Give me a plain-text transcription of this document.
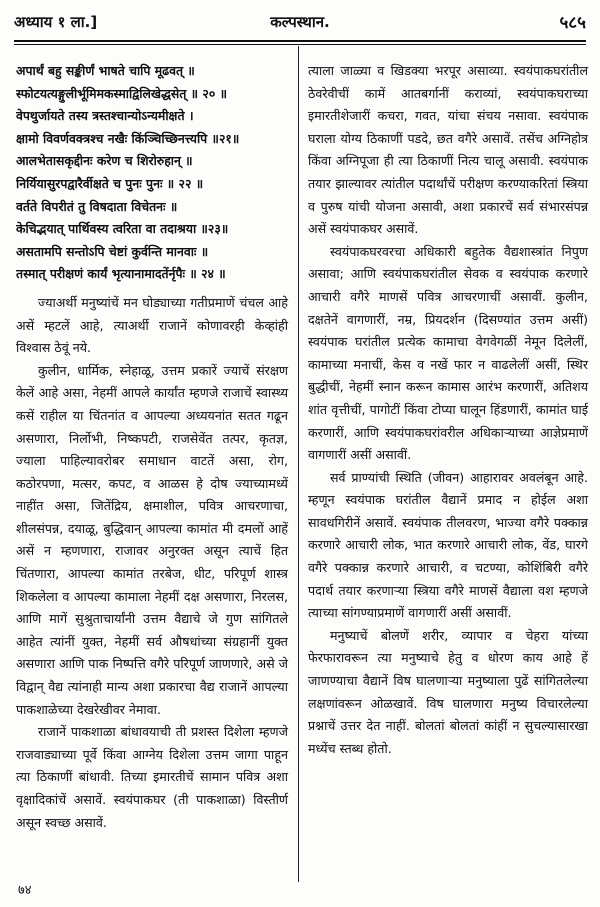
अध्याय १ ला.]	कल्पस्थान.	५८५
अपार्थं बहु सङ्कीर्णं भाषते चापि मूढवत् ॥
स्फोटयत्यङ्गुलीर्भूमिमकस्माद्विलिखेद्धसेत् ॥ २० ॥
वेपथुर्जायते तस्य त्रस्तश्चान्योऽन्यमीक्षते ।
क्षामो विवर्णवक्त्रश्च नखैः किंञ्चिच्छिनत्त्यपि ॥२१॥
आलभेतासकृद्दीनः करेण च शिरोरुहान् ॥
निर्यियासुरपद्वारैर्वीक्षते च पुनः पुनः ॥ २२ ॥
वर्तते विपरीतं तु विषदाता विचेतनः ॥
केचिद्भयात् पार्थिवस्य त्वरिता वा तदाश्रया ॥२३॥
असतामपि सन्तोऽपि चेष्टां कुर्वन्ति मानवाः ॥
तस्मात् परीक्षणं कार्यं भृत्यानामादतेंर्नृपैः ॥ २४ ॥

ज्याअर्थी मनुष्यांचें मन घोड्याच्या गतीप्रमाणें चंचल आहे असें म्हटलें आहे, त्याअर्थी राजानें कोणावरही केव्हांही विश्वास ठेवूं नये.

कुलीन, धार्मिक, स्नेहाळू, उत्तम प्रकारें ज्याचें संरक्षण केलें आहे असा, नेहमीं आपले कार्यांत म्हणजे राजाचें स्वास्थ्य कसें राहील या चिंतनांत व आपल्या अध्ययनांत सतत गढून असणारा, निर्लोभी, निष्कपटी, राजसेवेंत तत्पर, कृतज्ञ, ज्याला पाहिल्यावरोबर समाधान वाटतें असा, रोग, कठोरपणा, मत्सर, कपट, व आळस हे दोष ज्याच्यामध्यें नाहींत असा, जितेंद्रिय, क्षमाशील, पवित्र आचरणाचा, शीलसंपन्न, दयाळू, बुद्धिवान् आपल्या कामांत मी दमलों आहें असें न म्हणणारा, राजावर अनुरक्त असून त्याचें हित चिंतणारा, आपल्या कामांत तरबेज, धीट, परिपूर्ण शास्त्र शिकलेला व आपल्या कामाला नेहमीं दक्ष असणारा, निरलस, आणि मागें सुश्रुताचार्यांनी उत्तम वैद्याचे जे गुण सांगितले आहेत त्यांनीं युक्त, नेहमीं सर्व औषधांच्या संग्रहानीं युक्त असणारा आणि पाक निष्पत्ति वगैरे परिपूर्ण जाणणारे, असे जे विद्वान् वैद्य त्यांनाही मान्य अशा प्रकारचा वैद्य राजानें आपल्या पाकशाळेच्या देखरेखीवर नेमावा.

राजानें पाकशाळा बांधावयाची ती प्रशस्त दिशेला म्हणजे राजवाड्याच्या पूर्वे किंवा आग्नेय दिशेला उत्तम जागा पाहून त्या ठिकाणीं बांधावी. तिच्या इमारतीचें सामान पवित्र अशा वृक्षादिकांचें असावें. स्वयंपाकघर (ती पाकशाळा) विस्तीर्ण असून स्वच्छ असावें.

त्याला जाळ्या व खिडक्या भरपूर असाव्या. स्वयंपाकघरांतील ठेवरेवीचीं कामें आतबर्गानीं कराव्यां, स्वयंपाकघराच्या इमारतीशेजारीं कचरा, गवत, यांचा संचय नसावा. स्वयंपाक घराला योग्य ठिकाणीं पडदे, छत वगैरे असावें. तसेंच अग्निहोत्र किंवा अग्निपूजा ही त्या ठिकाणीं नित्य चालू असावी. स्वयंपाक तयार झाल्यावर त्यांतील पदार्थांचें परीक्षण करण्याकरितां स्त्रिया व पुरुष यांची योजना असावी, अशा प्रकारचें सर्व संभारसंपन्न असें स्वयंपाकघर असावें.

स्वयंपाकघरवरचा अधिकारी बहुतेक वैद्यशास्त्रांत निपुण असावा; आणि स्वयंपाकघरांतील सेवक व स्वयंपाक करणारे आचारी वगैरे माणसें पवित्र आचरणाचीं असावीं. कुलीन, दक्षतेनें वागणारीं, नम्र, प्रियदर्शन (दिसण्यांत उत्तम असीं) स्वयंपाक घरांतील प्रत्येक कामाचा वेगवेगळीं नेमून दिलेलीं, कामाच्या मनाचीं, केस व नखें फार न वाढलेलीं असीं, स्थिर बुद्धीचीं, नेहमीं स्नान करून कामास आरंभ करणारीं, अतिशय शांत वृत्तीचीं, पागोटीं किंवा टोप्या घालून हिंडणारीं, कामांत घाई करणारीं, आणि स्वयंपाकघरांवरील अधिकाऱ्याच्या आज्ञेप्रमाणें वागणारीं असीं असावीं.

सर्व प्राण्यांची स्थिति (जीवन) आहारावर अवलंबून आहे. म्हणून स्वयंपाक घरांतील वैद्यानें प्रमाद न होईल अशा सावधगिरीनें असावें. स्वयंपाक तीलवरण, भाज्या वगैरे पक्कान्न करणारे आचारी लोक, भात करणारे आचारी लोक, वेंड, घारगे वगैरे पक्कान्न करणारे आचारी, व चटण्या, कोशिंबिरी वगैरे पदार्थ तयार करणाऱ्या स्त्रिया वगैरे माणसें वैद्याला वश म्हणजे त्याच्या सांगण्याप्रमाणें वागणारीं असीं असावीं.

मनुष्याचें बोलणें शरीर, व्यापार व चेहरा यांच्या फेरफारावरून त्या मनुष्याचे हेतु व धोरण काय आहे हें जाणण्याचा वैद्यानें विष घालणाऱ्या मनुष्याला पुढें सांगितलेल्या लक्षणांवरून ओळखावें. विष घालणारा मनुष्य विचारलेल्या प्रश्नाचें उत्तर देत नाहीं. बोलतां बोलतां कांहीं न सुचल्यासारखा मध्येंच स्तब्ध होतो.

७४
